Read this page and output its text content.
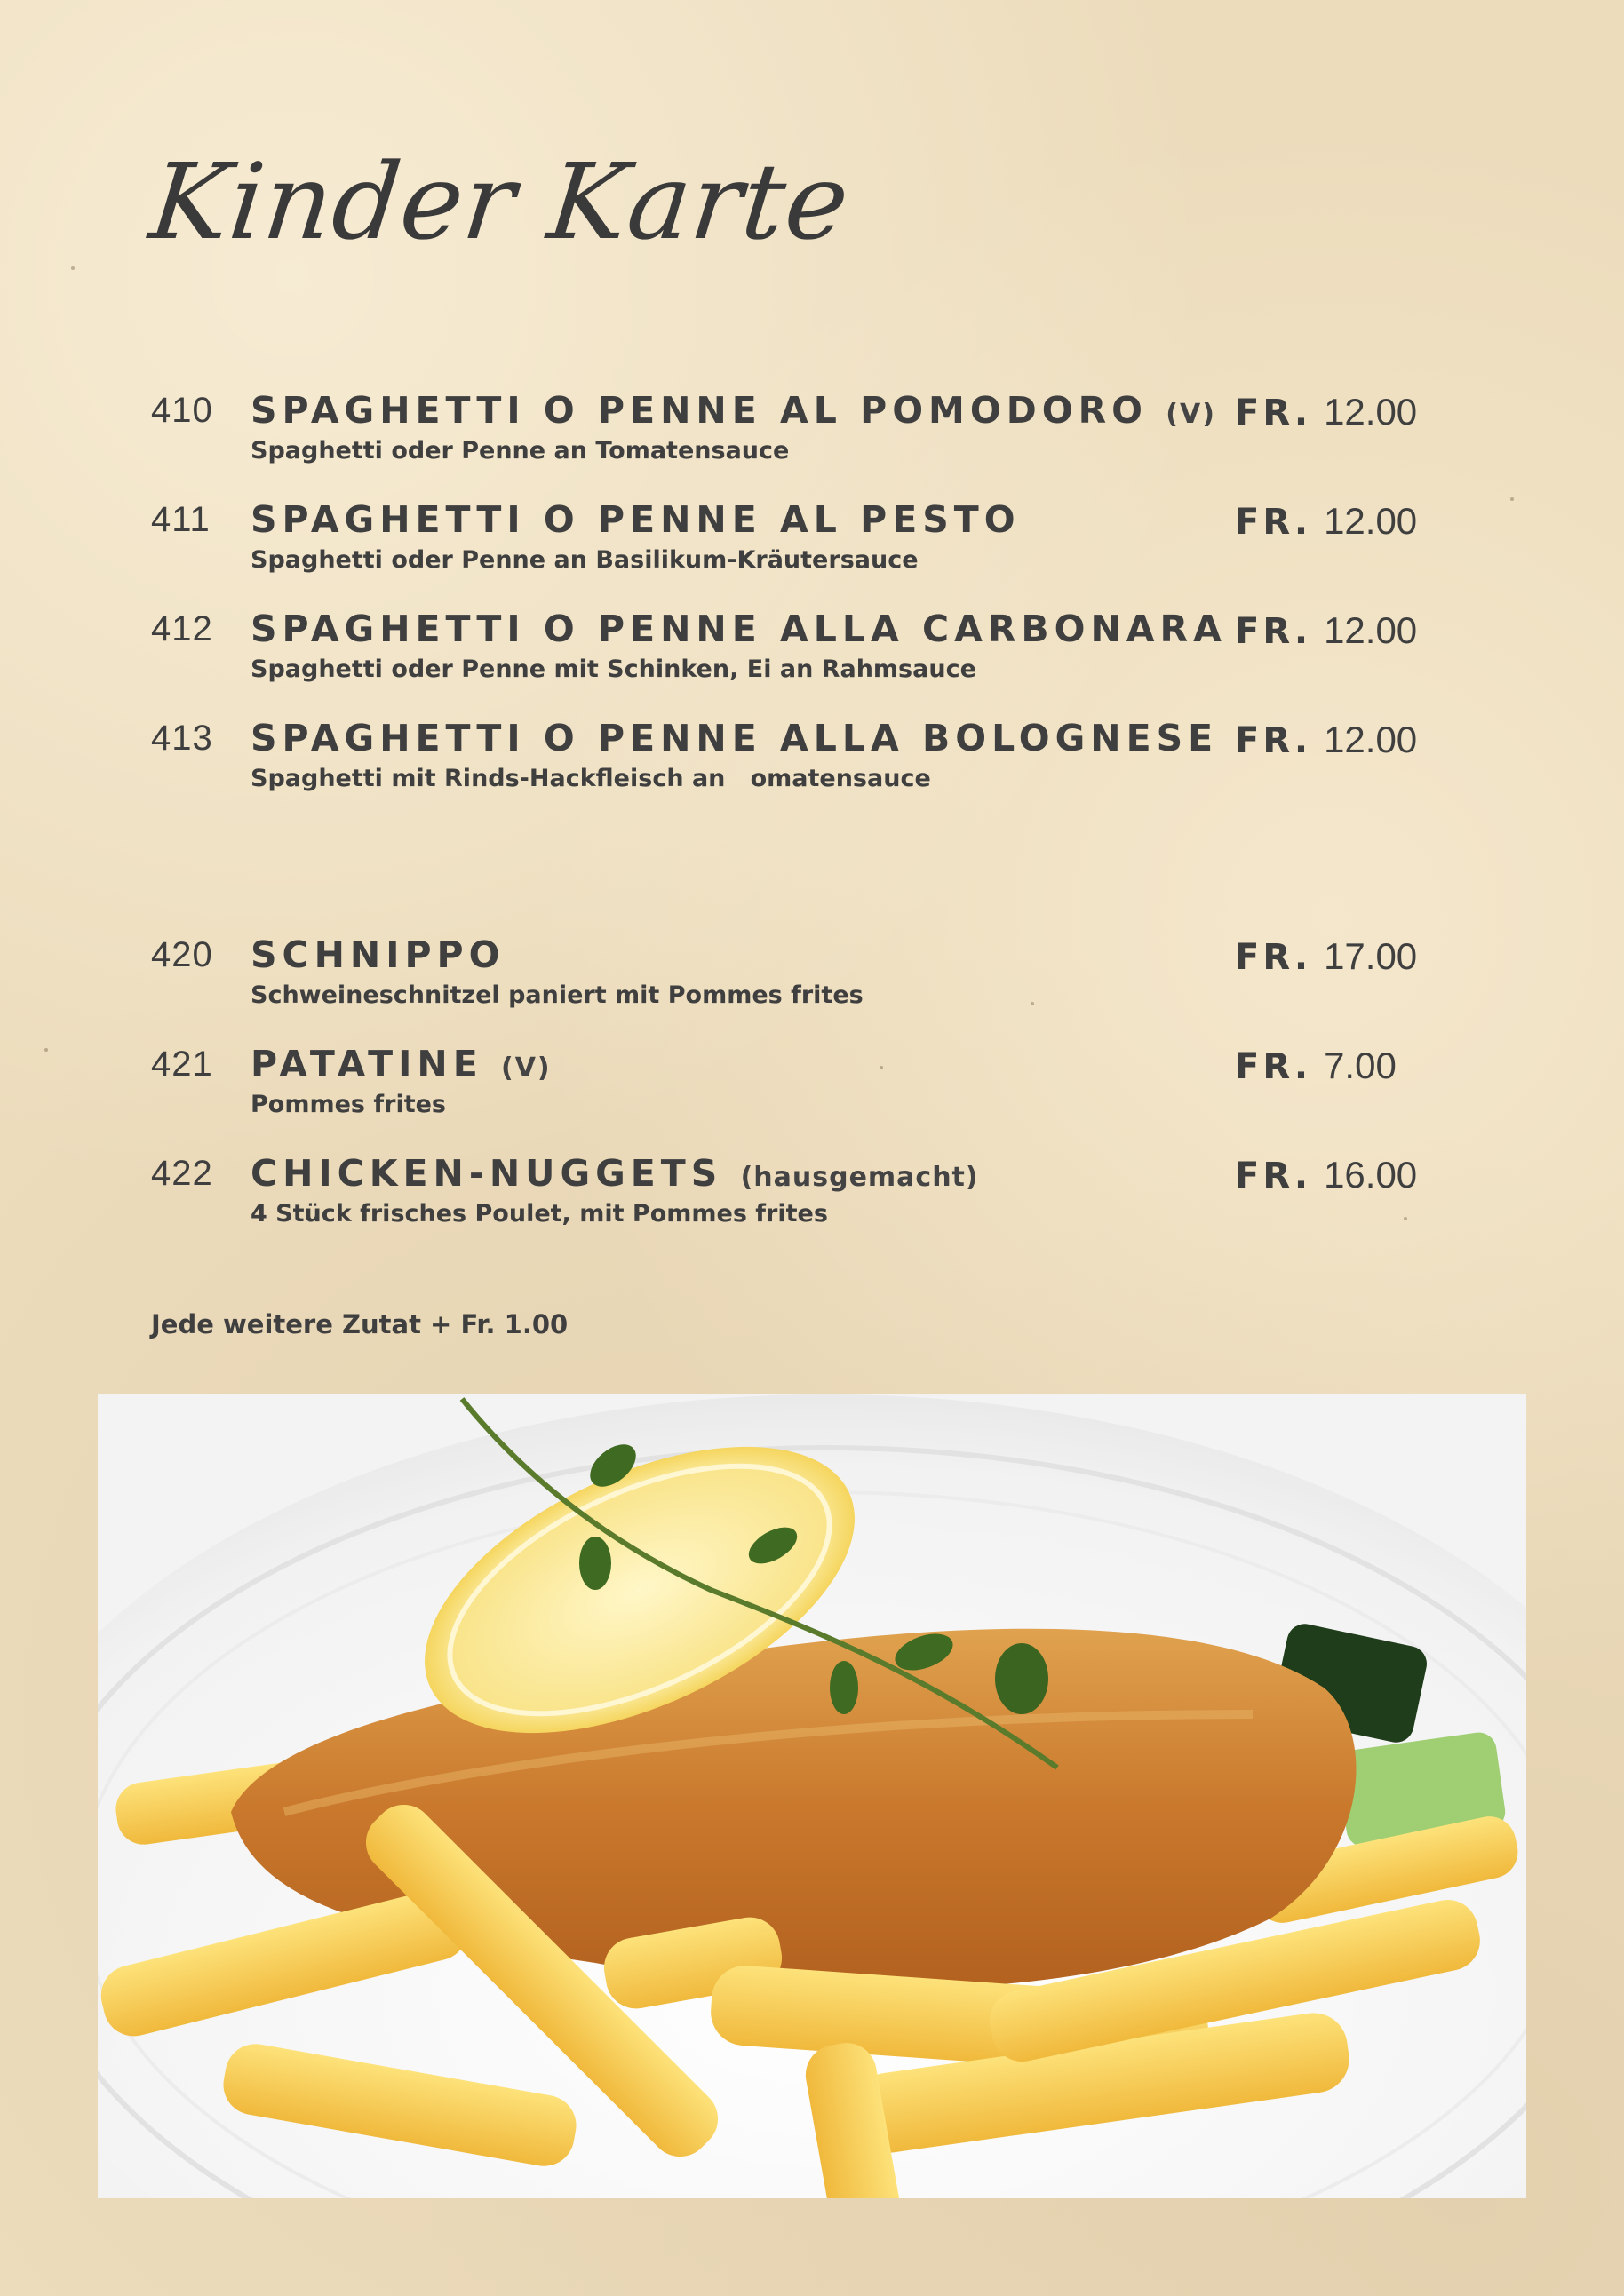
Kinder Karte
410 SPAGHETTI O PENNE AL POMODORO (V)
Spaghetti oder Penne an Tomatensauce
FR. 12.00
411 SPAGHETTI O PENNE AL PESTO
Spaghetti oder Penne an Basilikum-Kräutersauce
FR. 12.00
412 SPAGHETTI O PENNE ALLA CARBONARA
Spaghetti oder Penne mit Schinken, Ei an Rahmsauce
FR. 12.00
413 SPAGHETTI O PENNE ALLA BOLOGNESE
Spaghetti mit Rinds-Hackfleisch an   omatensauce
FR. 12.00
420 SCHNIPPO
Schweineschnitzel paniert mit Pommes frites
FR. 17.00
421 PATATINE (V)
Pommes frites
FR. 7.00
422 CHICKEN-NUGGETS (hausgemacht)
4 Stück frisches Poulet, mit Pommes frites
FR. 16.00
Jede weitere Zutat + Fr. 1.00
